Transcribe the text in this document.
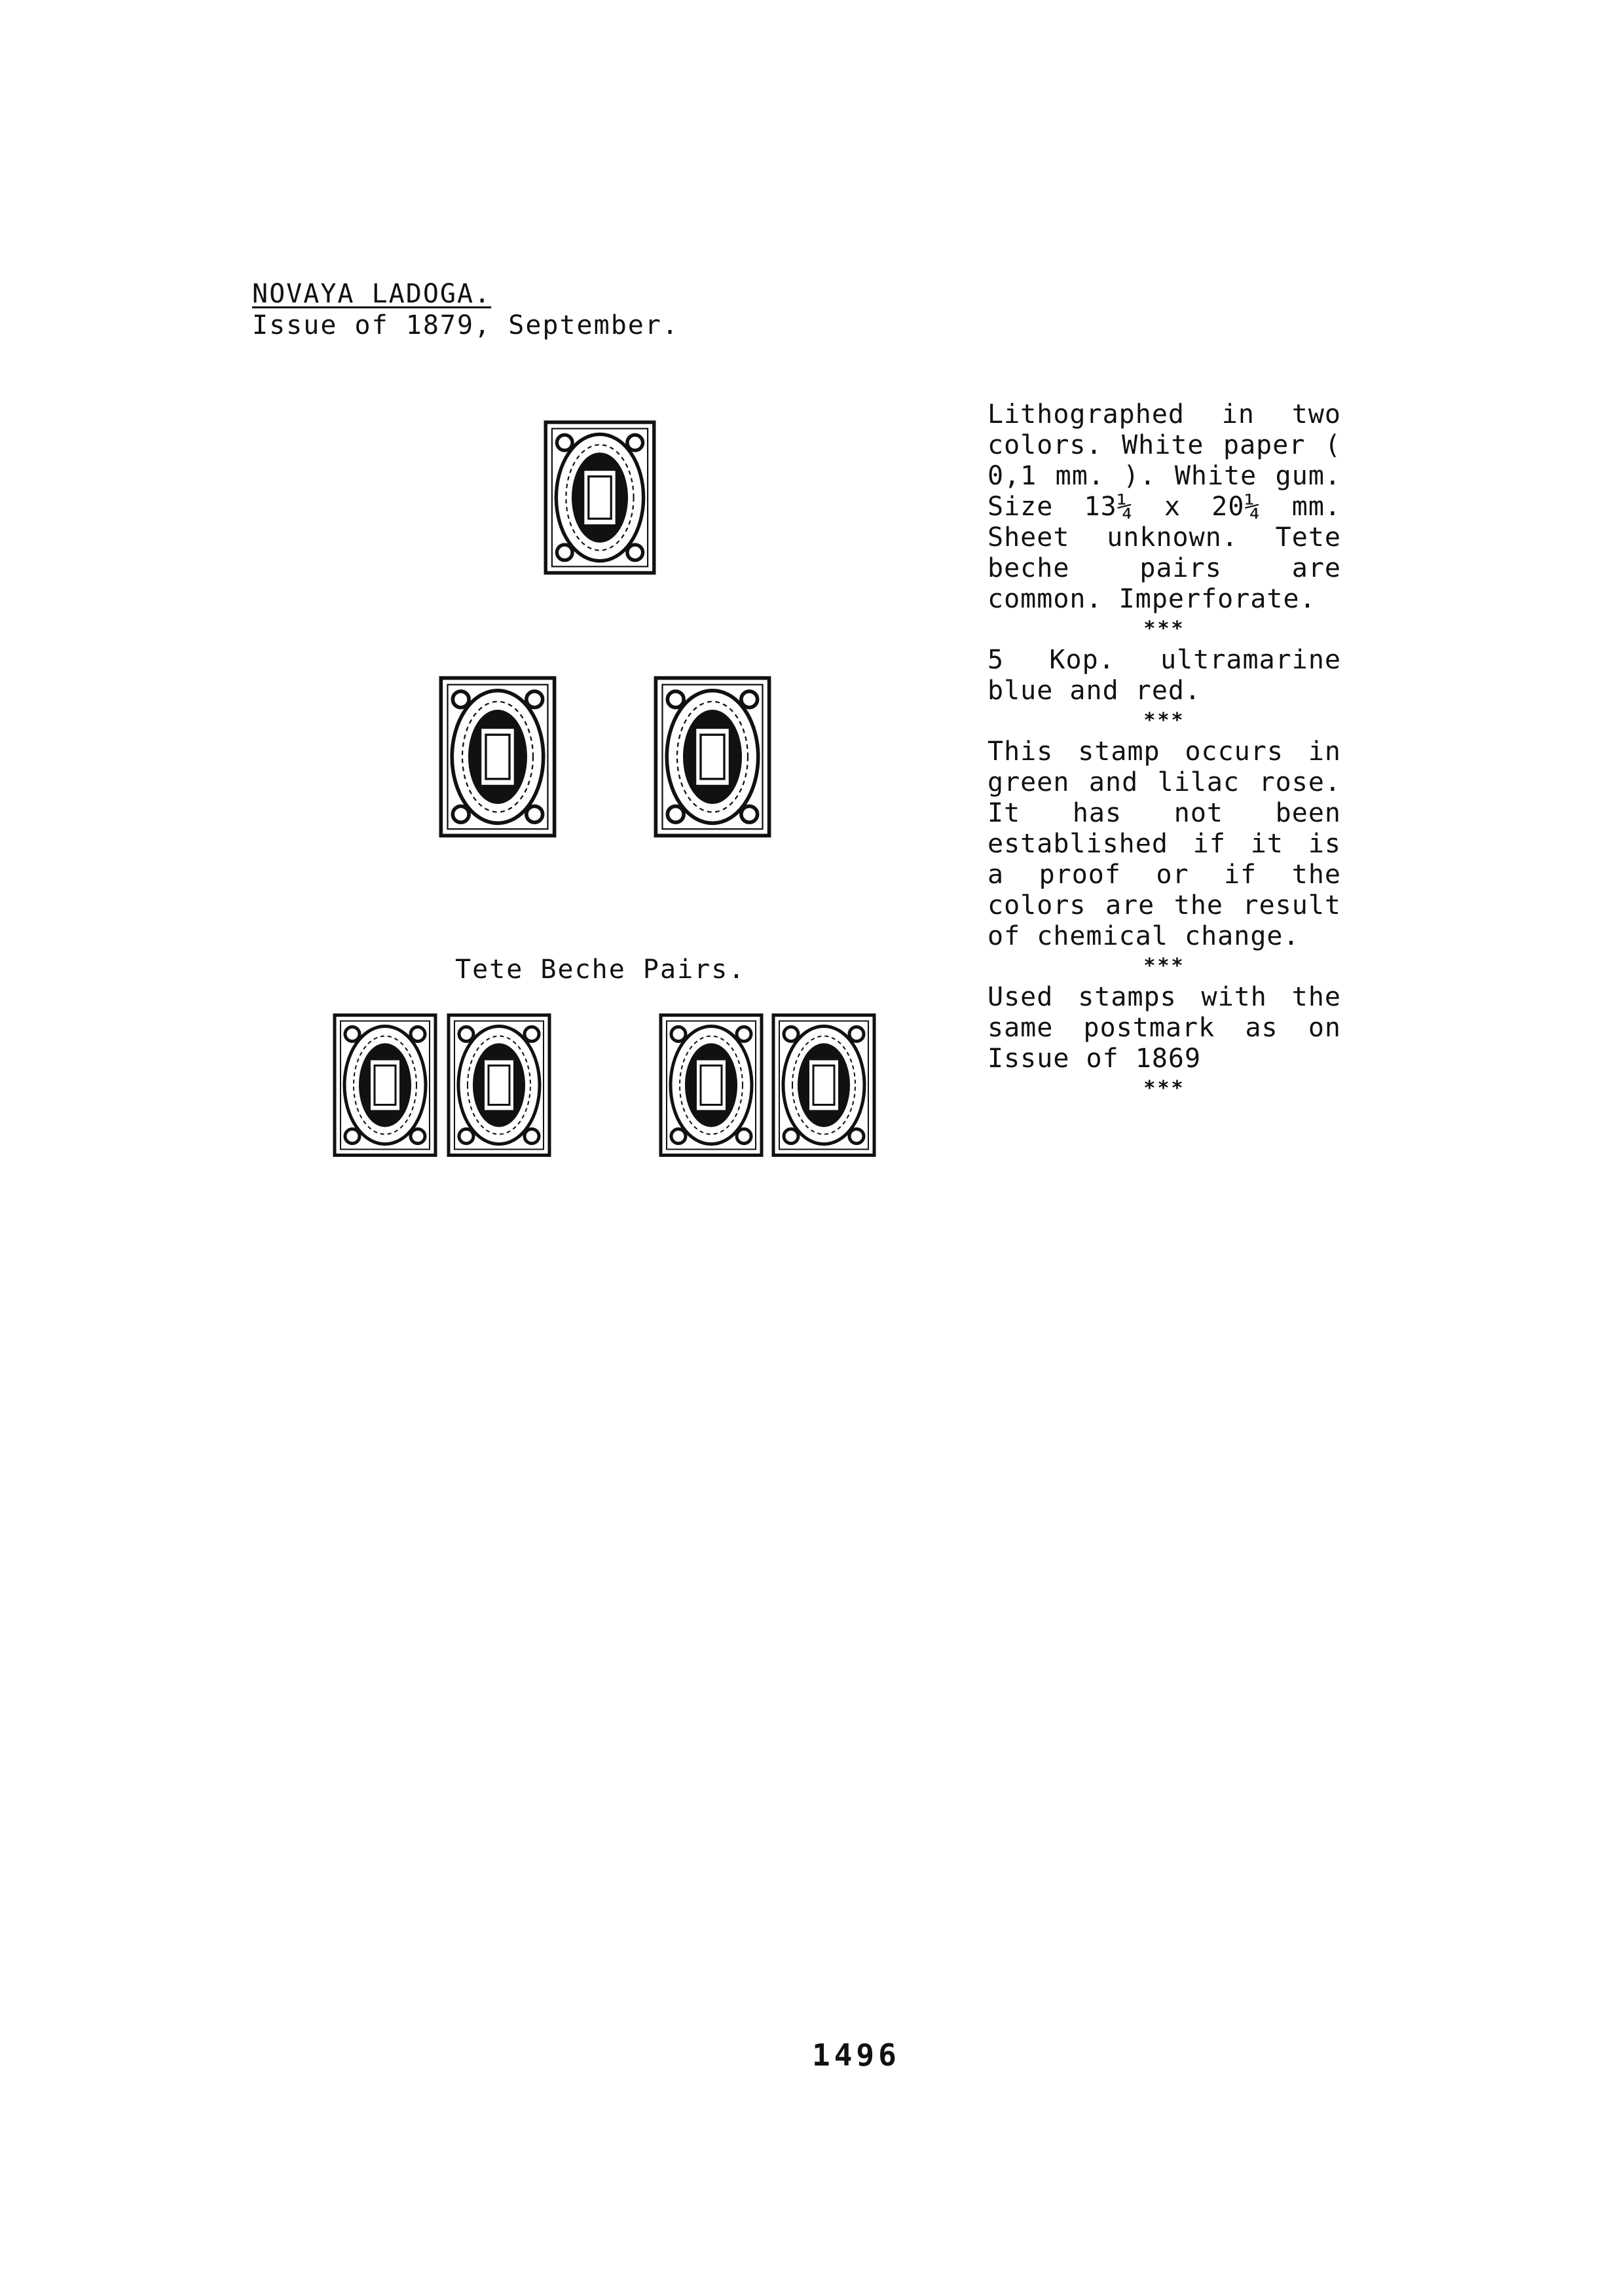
NOVAYA LADOGA.
Issue of 1879, September.
Tete Beche Pairs.

Lithographed in two colors. White paper ( 0,1 mm. ). White gum. Size 13¼ x 20¼ mm. Sheet unknown. Tete beche pairs are common. Imperforate.

***

5 Kop. ultramarine blue and red.

***

This stamp occurs in green and lilac rose. It has not been established if it is a proof or if the colors are the result of chemical change.

***

Used stamps with the same postmark as on Issue of 1869

***
1496
